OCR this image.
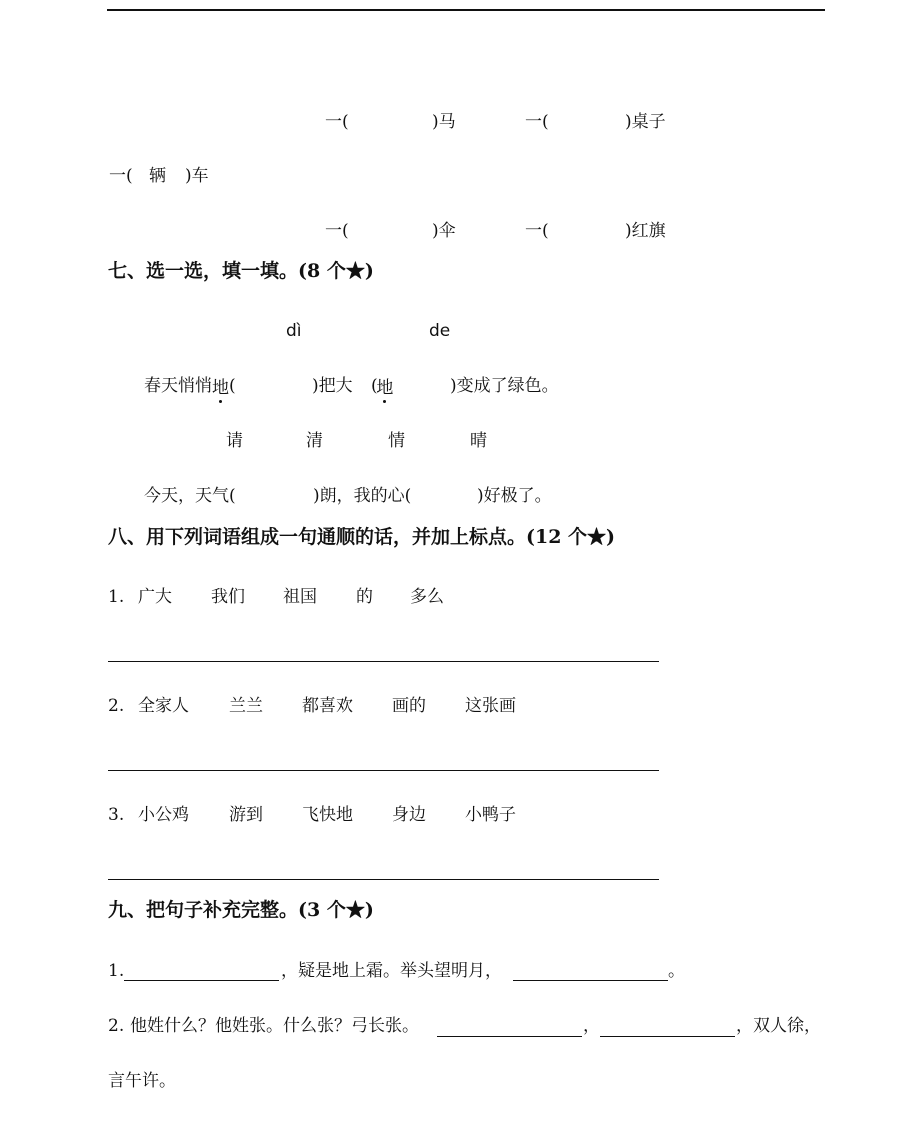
一(	)马	一(	)桌子
一( 辆 )车
一(	)伞	一(	)红旗
七、选一选，填一填。(8 个★)
dì	de
春天悄悄 地 (	)把大 地
(	)变成了绿色。
请	清	情	晴
今天，天气(	)朗，我的心(	)好极了。
八、用下列词语组成一句通顺的话，并加上标点。(12 个★)
1. 广大 我们 祖国 的 多么
2. 全家人 兰兰 都喜欢 画的 这张画
3. 小公鸡 游到 飞快地 身边 小鸭子
九、把句子补充完整。(3 个★)
1.	，疑是地上霜。举头望明月，	。
2. 他姓什么？他姓张。什么张？弓长张。	，	，双人徐，
言午许。
